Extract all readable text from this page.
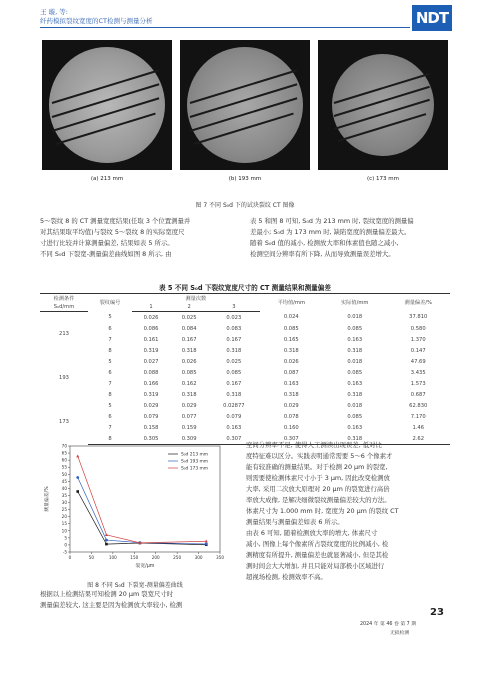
王 璇, 等:
纤药模拟裂纹宽度的CT检测与测量分析	NDT
(a) 213 mm	(b) 193 mm	(c) 173 mm
图 7 不同 S₀d 下的试块裂纹 CT 图像
5～裂纹 8 的 CT 测量宽度结果(任取 3 个位置测量并
对其结果取平均值)与裂纹 5～裂纹 8 的实际宽度尺
寸进行比较并计算测量偏差, 结果如表 5 所示。
不同 S₀d 下裂宽-测量偏差曲线如图 8 所示, 由
表 5 和图 8 可知, S₀d 为 213 mm 时, 裂纹宽度的测量偏
差最小; S₀d 为 173 mm 时, 缺陷宽度的测量偏差最大。
随着 S₀d 值的减小, 检测放大率和体素值也随之减小,
检测空间分辨率有所下降, 从而导致测量误差增大。
表 5 不同 S₀d 下裂纹宽度尺寸的 CT 测量结果和测量偏差
检测条件	裂纹编号	测量次数			平均值/mm	实际值/mm	测量偏差/%
S₀d/mm		1	2	3			
213	5	0.026	0.025	0.023	0.024	0.018	37.810
	6	0.086	0.084	0.083	0.085	0.085	0.580
	7	0.161	0.167	0.167	0.165	0.163	1.370
	8	0.319	0.318	0.318	0.318	0.318	0.147
193	5	0.027	0.026	0.025	0.026	0.018	47.69
	6	0.088	0.085	0.085	0.087	0.085	3.435
	7	0.166	0.162	0.167	0.163	0.163	1.573
	8	0.319	0.318	0.318	0.318	0.318	0.687
173	5	0.029	0.029	0.02877	0.029	0.018	62.830
	6	0.079	0.077	0.079	0.078	0.085	7.170
	7	0.158	0.159	0.163	0.160	0.163	1.46
	8	0.305	0.309	0.307	0.307	0.318	2.62
-5
0
5
10
15
20
25
30
35
40
45
50
55
60
65
70
0	50	100	150	200	250	300	350
裂宽/μm
测量偏差/%
S₀d 213 mm
S₀d 193 mm
S₀d 173 mm
图 8 不同 S₀d 下裂宽-测量偏差曲线
根据以上检测结果可知检测 20 μm 裂宽尺寸时
测量偏差较大, 这主要是因为检测放大率较小, 检测
空间分辨率不足, 使得人工测读出现误差, 低对比
度特征难以区分。实践表明通常需要 5～6 个像素才
能有较准确的测量结果。对于检测 20 μm 的裂宽,
则需要使检测体素尺寸小于 3 μm, 因此改变检测放
大率, 采用二次放大原理对 20 μm 的裂宽进行高倍
率放大成像, 是解决细微裂纹测量偏差较大的方法。
体素尺寸为 1.000 mm 时, 宽度为 20 μm 的裂纹 CT
测量结果与测量偏差如表 6 所示。
由表 6 可知, 随着检测放大率的增大, 体素尺寸
减小, 图像上每个像素所占裂纹宽度的比例减小, 检
测精度有所提升, 测量偏差也就显著减小, 但是其检
测时间会大大增加, 并且只能对局部极小区域进行
超视场检测, 检测效率不高。
23
2024 年 第 46 卷 第 7 期
无损检测
